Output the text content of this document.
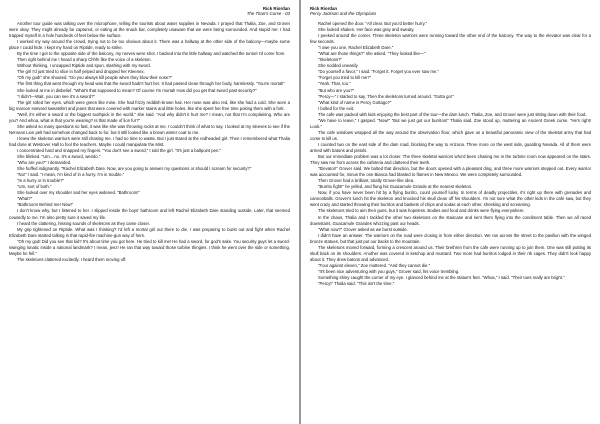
Rick Riordan
The Titan's Curse - 03

Another tour guide was talking over the microphone, telling the tourists about water supplies in Nevada. I prayed that Thalia, Zoe, and Grover were okay. They might already be captured, or eating at the snack bar, completely unaware that we were being surrounded. And stupid me: I had trapped myself in a hole hundreds of feet below the surface.

I worked my way around the crowd, trying not to be too obvious about it. There was a hallway at the other side of the balcony—maybe some place I could hide. I kept my hand on Riptide, ready to strike.

By the time I got to the opposite side of the balcony, my nerves were shot. I backed into the little hallway and watched the tunnel I'd come from.

Then right behind me I heard a sharp Chhh! like the voice of a skeleton.

Without thinking, I uncapped Riptide and spun, slashing with my sword.

The girl I'd just tried to slice in half yelped and dropped her Kleenex.

"Oh my god!" she shouted. "Do you always kill people when they blow their nose?"

The first thing that went through my head was that the sword hadn't hurt her. It had passed clean through her body, harmlessly. "You're mortal!"

She looked at me in disbelief. "What's that supposed to mean? Of course I'm mortal! How did you get that sword past security?"

"I didn't—Wait, you can see it's a sword?"

The girl rolled her eyes, which were green like mine. She had frizzy reddish-brown hair. Her nose was also red, like she had a cold. She wore a big maroon Harvard sweatshirt and jeans that were covered with marker stains and little holes, like she spent her free time poking them with a fork.

"Well, it's either a sword or the biggest toothpick in the world," she said. "And why didn't it hurt me? I mean, not that I'm complaining. Who are you? And whoa, what is that you're wearing? Is that made of lion fur?"

She asked so many questions so fast, it was like she was throwing rocks at me. I couldn't think of what to say. I looked at my sleeves to see if the Nemean Lion pelt had somehow changed back to fur, but it still looked like a brown winter coat to me.

I knew the skeleton warriors were still chasing me. I had no time to waste. But I just stared at the redheaded girl. Then I remembered what Thalia had done at Westover Hall to fool the teachers. Maybe I could manipulate the Mist.

I concentrated hard and snapped my fingers. "You don't see a sword," I told the girl. "It's just a ballpoint pen."

She blinked. "Um... no. It's a sword, weirdo."

"Who are you?" I demanded.

She huffed indignantly. "Rachel Elizabeth Dare. Now, are you going to answer my questions or should I scream for security?"

"No!" I said. "I mean, I'm kind of in a hurry. I'm in trouble."

"In a hurry or in trouble?"

"Um, sort of both."

She looked over my shoulder and her eyes widened. "Bathroom!"

"What?"

"Bathroom! Behind me! Now!"

I don't know why, but I listened to her. I slipped inside the boys' bathroom and left Rachel Elizabeth Dare standing outside. Later, that seemed cowardly to me. I'm also pretty sure it saved my life.

I heard the clattering, hissing sounds of skeletons as they came closer.

My grip tightened on Riptide. What was I thinking? I'd left a mortal girl out there to die. I was preparing to burst out and fight when Rachel Elizabeth Dare started talking in that rapid-fire machine-gun way of hers.

"Oh my god! Did you see that kid? It's about time you got here. He tried to kill me! He had a sword, for god's sake. You security guys let a sword-swinging lunatic inside a national landmark? I mean, jeez! He ran that way toward those turbine thingies. I think he went over the side or something. Maybe he fell."

The skeletons clattered excitedly. I heard them moving off.

Rick Riordan
Percy Jackson and the Olympians

Rachel opened the door. "All clear. But you'd better hurry."

She looked shaken. Her face was gray and sweaty.

I peeked around the corner. Three skeleton warriors were running toward the other end of the balcony. The way to the elevator was clear for a few seconds.

"I owe you one, Rachel Elizabeth Dare."

"What are those things?" she asked. "They looked like—"

"Skeletons?"

She nodded uneasily.

"Do yourself a favor," I said. "Forget it. Forget you ever saw me."

"Forget you tried to kill me?"

"Yeah. That, too."

"But who are you?"

"Percy—" I started to say. Then the skeletons turned around. "Gotta go!"

"What kind of name is Percy Gottago?"

I bolted for the exit.

The cafe was packed with kids enjoying the best part of the tour—the dam lunch. Thalia, Zoe, and Grover were just sitting down with their food.

"We have to leave," I gasped. "Now!" "But we just got our burritos!" Thalia said. Zoe stood up, muttering an Ancient Greek curse. "He's right! Look."

The cafe windows wrapped all the way around the observation floor, which gave us a beautiful panoramic view of the skeletal army that had come to kill us.

I counted two on the east side of the dam road, blocking the way to Arizona. Three more on the west side, guarding Nevada. All of them were armed with batons and pistols.

But our immediate problem was a lot closer. The three skeletal warriors who'd been chasing me in the turbine room now appeared on the stairs. They saw me from across the cafeteria and clattered their teeth.

"Elevator!" Grover said. We bolted that direction, but the doors opened with a pleasant ding, and three more warriors stepped out. Every warrior was accounted for, minus the one Bianca had blasted to flames in New Mexico. We were completely surrounded.

Then Grover had a brilliant, totally Grover-like idea.

"Burrito fight!" he yelled, and flung his Guacamole Grande at the nearest skeleton.

Now, if you have never been hit by a flying burrito, count yourself lucky. In terms of deadly projectiles, it's right up there with grenades and cannonballs. Grover's lunch hit the skeleton and knocked his skull clean off his shoulders. I'm not sure what the other kids in the cafe saw, but they went crazy and started throwing their burritos and baskets of chips and sodas at each other, shrieking and screaming.

The skeletons tried to aim their guns, but it was hopeless. Bodies and food and drinks were flying everywhere.

In the chaos, Thalia and I tackled the other two skeletons on the staircase and sent them flying into the condiment table. Then we all raced downstairs, Guacamole Grandes whizzing past our heads.

"What now?" Grover asked as we burst outside.

I didn't have an answer. The warriors on the road were closing in from either direction. We ran across the street to the pavilion with the winged bronze statues, but that just put our backs to the mountain.

The skeletons moved forward, forming a crescent around us. Their brethren from the cafe were running up to join them. One was still putting its skull back on its shoulders. Another was covered in ketchup and mustard. Two more had burritos lodged in their rib cages. They didn't look happy about it. They drew batons and advanced.

"Four against eleven," Zoe muttered. "And they cannot die."

"It's been nice adventuring with you guys," Grover said, his voice trembling.

Something shiny caught the corner of my eye. I glanced behind me at the statue's feet. "Whoa," I said. "Their toes really are bright."

"Percy!" Thalia said. "This isn't the time."
